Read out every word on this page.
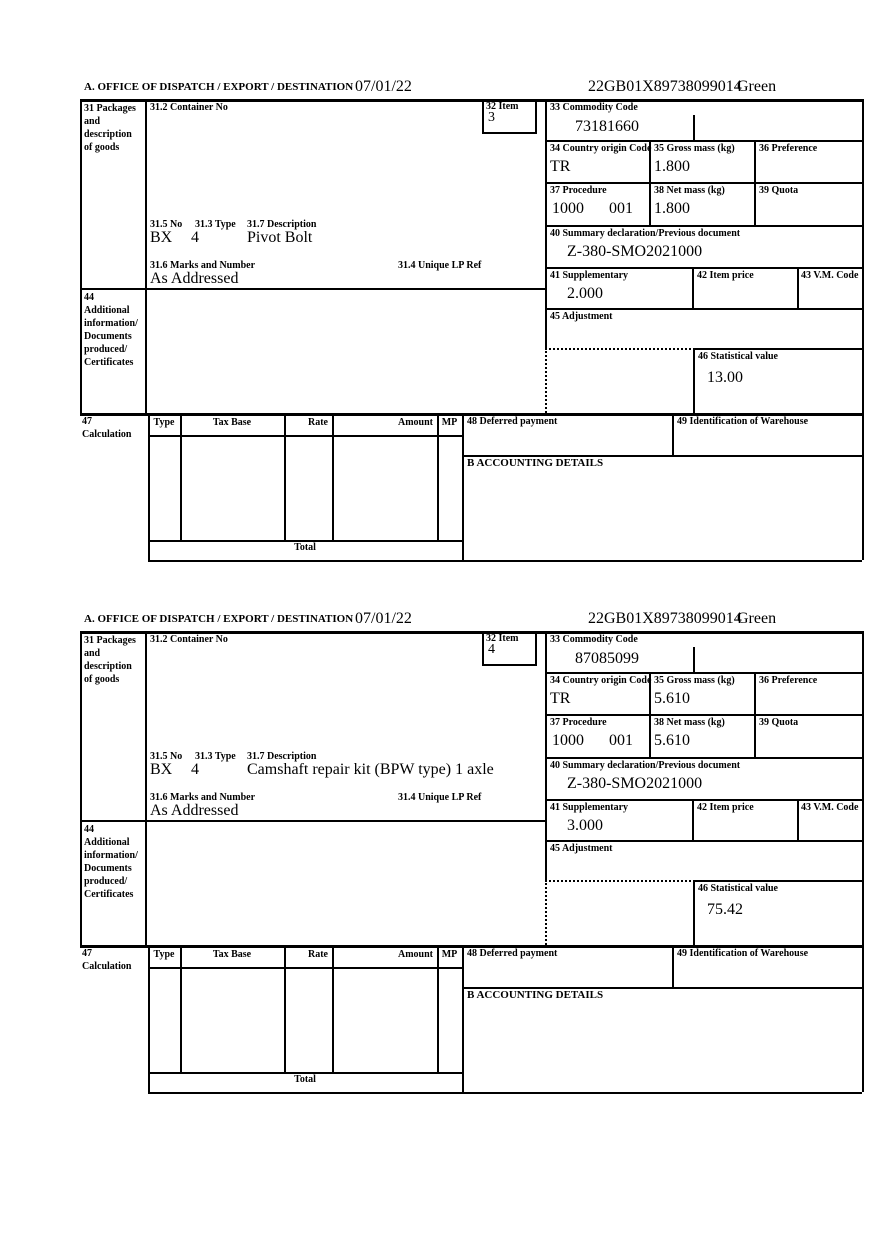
A. OFFICE OF DISPATCH / EXPORT / DESTINATION 07/01/22	22GB01X89738099014
Green
31 Packages
and
description
of goods
31.2 Container No
31.5 No 31.3 Type 31.7 Description
BX 4	Pivot Bolt
31.6 Marks and Number
As Addressed
31.4 Unique LP Ref
32 Item
3
33 Commodity Code
73181660
34 Country origin Code
TR
35 Gross mass (kg)
1.800
36 Preference
37 Procedure
1000 001
38 Net mass (kg)
1.800
39 Quota
40 Summary declaration/Previous document
Z-380-SMO2021000
41 Supplementary
2.000
42 Item price	43 V.M. Code
45 Adjustment
46 Statistical value
13.00
44
Additional
information/
Documents
produced/
Certificates
47
Calculation
Type	Tax Base	Rate	Amount MP
Total
48 Deferred payment	49 Identification of Warehouse
B ACCOUNTING DETAILS
A. OFFICE OF DISPATCH / EXPORT / DESTINATION 07/01/22	22GB01X89738099014
Green
31 Packages
and
description
of goods
31.2 Container No
31.5 No 31.3 Type 31.7 Description
BX 4	Camshaft repair kit (BPW type) 1 axle
31.6 Marks and Number
As Addressed
31.4 Unique LP Ref
32 Item
4
33 Commodity Code
87085099
34 Country origin Code
TR
35 Gross mass (kg)
5.610
36 Preference
37 Procedure
1000 001
38 Net mass (kg)
5.610
39 Quota
40 Summary declaration/Previous document
Z-380-SMO2021000
41 Supplementary
3.000
42 Item price	43 V.M. Code
45 Adjustment
46 Statistical value
75.42
44
Additional
information/
Documents
produced/
Certificates
47
Calculation
Type	Tax Base	Rate	Amount MP
Total
48 Deferred payment	49 Identification of Warehouse
B ACCOUNTING DETAILS
